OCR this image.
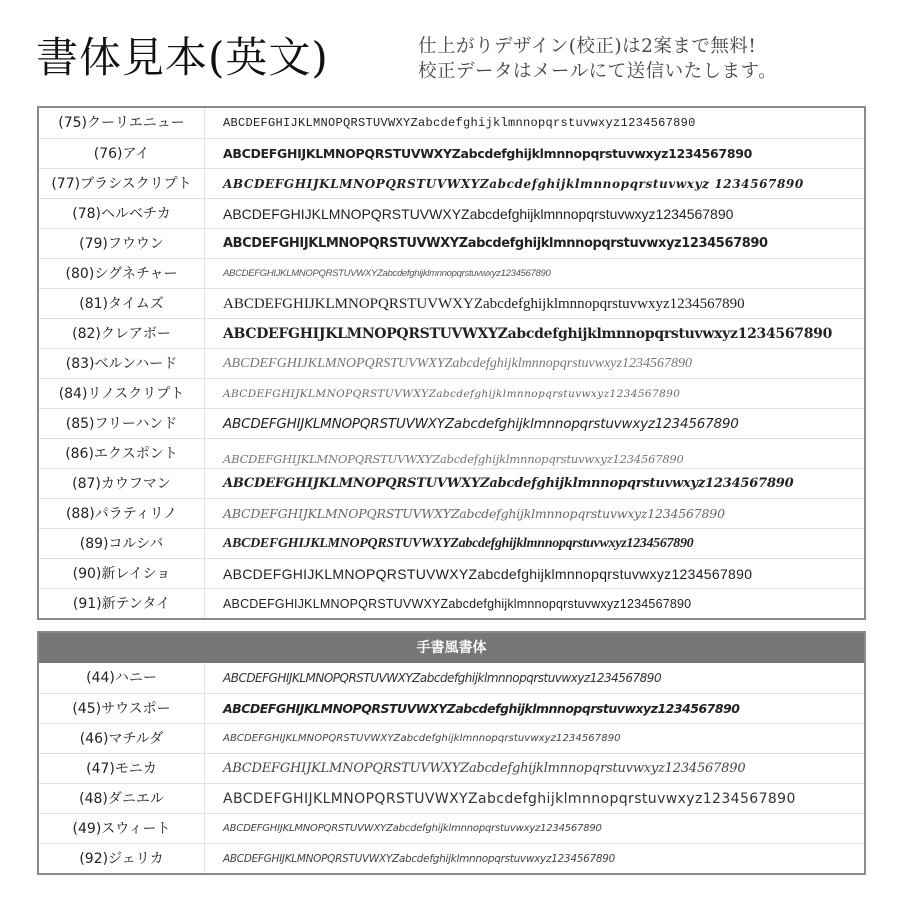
書体見本(英文)	仕上がりデザイン(校正)は2案まで無料!
校正データはメールにて送信いたします。
(75)クーリエニュー	ABCDEFGHIJKLMNOPQRSTUVWXYZabcdefghijklmnnopqrstuvwxyz1234567890
(76)アイ	ABCDEFGHIJKLMNOPQRSTUVWXYZabcdefghijklmnnopqrstuvwxyz1234567890
(77)ブラシスクリプト	ABCDEFGHIJKLMNOPQRSTUVWXYZabcdefghijklmnnopqrstuvwxyz 1234567890
(78)ヘルベチカ	ABCDEFGHIJKLMNOPQRSTUVWXYZabcdefghijklmnnopqrstuvwxyz1234567890
(79)フウウン	ABCDEFGHIJKLMNOPQRSTUVWXYZabcdefghijklmnnopqrstuvwxyz1234567890
(80)シグネチャー	ABCDEFGHIJKLMNOPQRSTUVWXYZabcdefghijklmnnopqrstuvwxyz1234567890
(81)タイムズ	ABCDEFGHIJKLMNOPQRSTUVWXYZabcdefghijklmnnopqrstuvwxyz1234567890
(82)クレアボー	ABCDEFGHIJKLMNOPQRSTUVWXYZabcdefghijklmnnopqrstuvwxyz1234567890
(83)ベルンハード	ABCDEFGHIJKLMNOPQRSTUVWXYZabcdefghijklmnnopqrstuvwxyz1234567890
(84)リノスクリプト	ABCDEFGHIJKLMNOPQRSTUVWXYZabcdefghijklmnnopqrstuvwxyz1234567890
(85)フリーハンド	ABCDEFGHIJKLMNOPQRSTUVWXYZabcdefghijklmnnopqrstuvwxyz1234567890
(86)エクスポント	ABCDEFGHIJKLMNOPQRSTUVWXYZabcdefghijklmnnopqrstuvwxyz1234567890
(87)カウフマン	ABCDEFGHIJKLMNOPQRSTUVWXYZabcdefghijklmnnopqrstuvwxyz1234567890
(88)パラティリノ	ABCDEFGHIJKLMNOPQRSTUVWXYZabcdefghijklmnnopqrstuvwxyz1234567890
(89)コルシバ	ABCDEFGHIJKLMNOPQRSTUVWXYZabcdefghijklmnnopqrstuvwxyz1234567890
(90)新レイショ	ABCDEFGHIJKLMNOPQRSTUVWXYZabcdefghijklmnnopqrstuvwxyz1234567890
(91)新テンタイ	ABCDEFGHIJKLMNOPQRSTUVWXYZabcdefghijklmnnopqrstuvwxyz1234567890
手書風書体
(44)ハニー	ABCDEFGHIJKLMNOPQRSTUVWXYZabcdefghijklmnnopqrstuvwxyz1234567890
(45)サウスポー	ABCDEFGHIJKLMNOPQRSTUVWXYZabcdefghijklmnnopqrstuvwxyz1234567890
(46)マチルダ	ABCDEFGHIJKLMNOPQRSTUVWXYZabcdefghijklmnnopqrstuvwxyz1234567890
(47)モニカ	ABCDEFGHIJKLMNOPQRSTUVWXYZabcdefghijklmnnopqrstuvwxyz1234567890
(48)ダニエル	ABCDEFGHIJKLMNOPQRSTUVWXYZabcdefghijklmnnopqrstuvwxyz1234567890
(49)スウィート	ABCDEFGHIJKLMNOPQRSTUVWXYZabcdefghijklmnnopqrstuvwxyz1234567890
(92)ジェリカ	ABCDEFGHIJKLMNOPQRSTUVWXYZabcdefghijklmnnopqrstuvwxyz1234567890
